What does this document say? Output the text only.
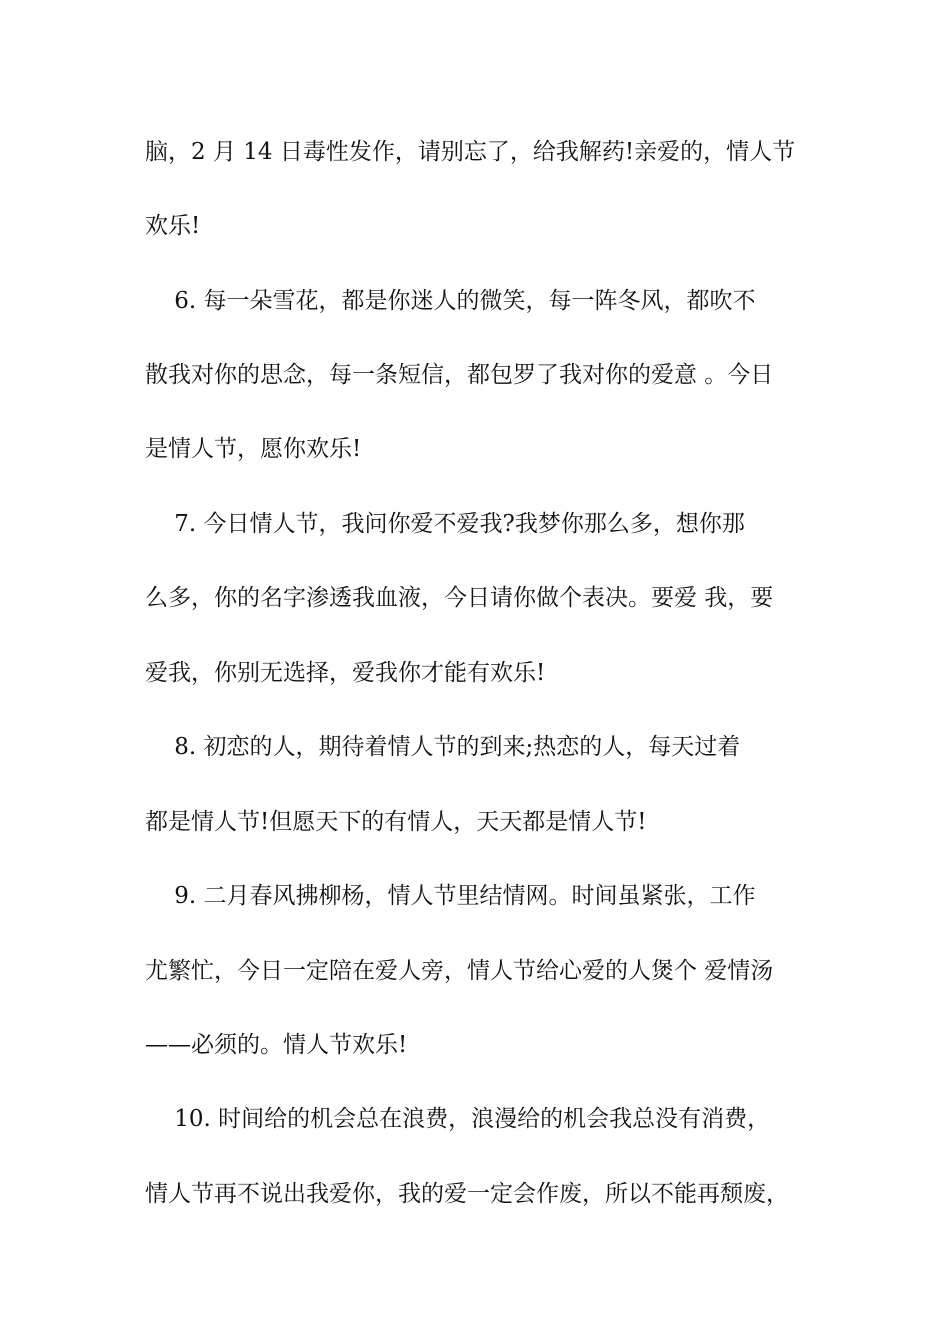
脑，2 月 14 日毒性发作，请别忘了，给我解药!亲爱的，情人节
欢乐!
6. 每一朵雪花，都是你迷人的微笑，每一阵冬风，都吹不
散我对你的思念，每一条短信，都包罗了我对你的爱意 。今日
是情人节，愿你欢乐!
7. 今日情人节，我问你爱不爱我?我梦你那么多，想你那
么多，你的名字渗透我血液，今日请你做个表决。要爱 我，要
爱我，你别无选择，爱我你才能有欢乐!
8. 初恋的人，期待着情人节的到来;热恋的人，每天过着
都是情人节!但愿天下的有情人，天天都是情人节!
9. 二月春风拂柳杨，情人节里结情网。时间虽紧张，工作
尤繁忙，今日一定陪在爱人旁，情人节给心爱的人煲个 爱情汤
——必须的。情人节欢乐!
10. 时间给的机会总在浪费，浪漫给的机会我总没有消费，
情人节再不说出我爱你，我的爱一定会作废，所以不能再颓废，
